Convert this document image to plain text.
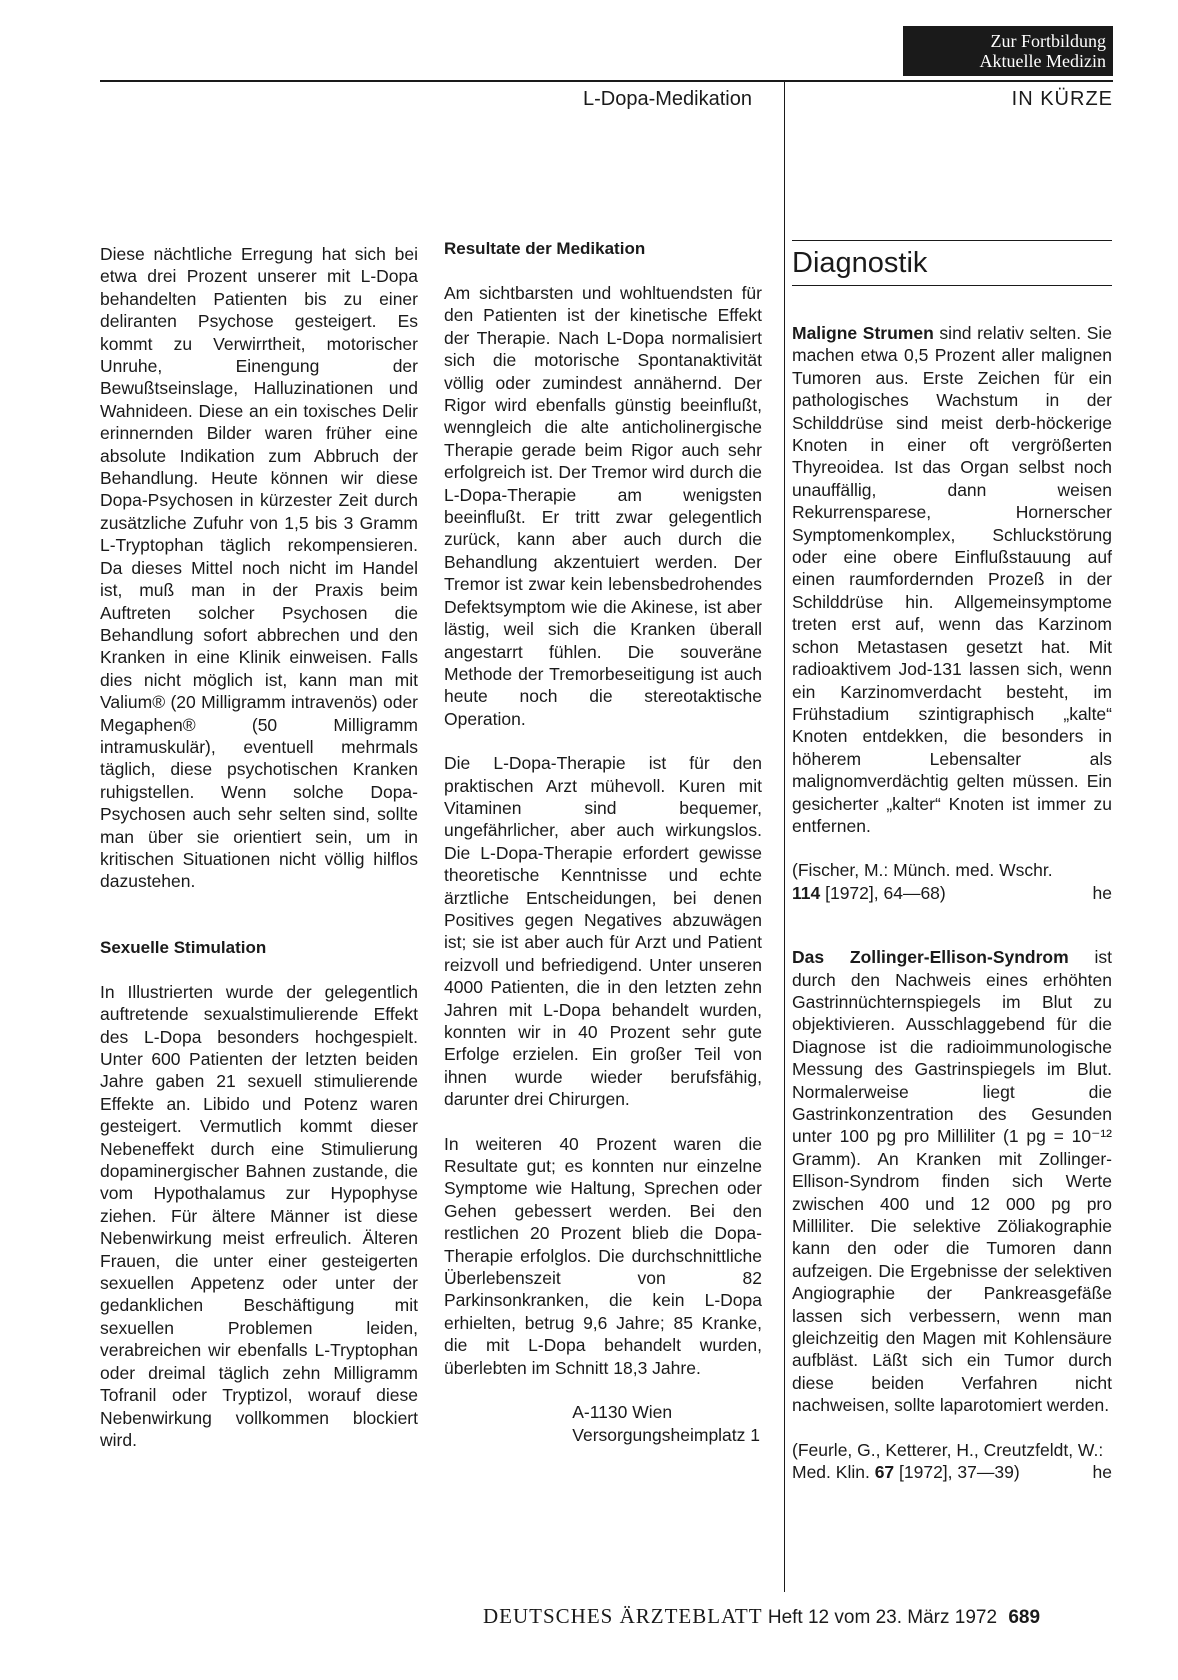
Zur Fortbildung
Aktuelle Medizin
L-Dopa-Medikation	IN KÜRZE

Diese nächtliche Erregung hat sich bei etwa drei Prozent unserer mit L-Dopa behandelten Patienten bis zu einer deliranten Psychose gesteigert. Es kommt zu Verwirrtheit, motorischer Unruhe, Einengung der Bewußtseinslage, Halluzinationen und Wahnideen. Diese an ein toxisches Delir erinnernden Bilder waren früher eine absolute Indikation zum Abbruch der Behandlung. Heute können wir diese Dopa-Psychosen in kürzester Zeit durch zusätzliche Zufuhr von 1,5 bis 3 Gramm L-Tryptophan täglich rekompensieren. Da dieses Mittel noch nicht im Handel ist, muß man in der Praxis beim Auftreten solcher Psychosen die Behandlung sofort abbrechen und den Kranken in eine Klinik einweisen. Falls dies nicht möglich ist, kann man mit Valium® (20 Milligramm intravenös) oder Megaphen® (50 Milligramm intramuskulär), eventuell mehrmals täglich, diese psychotischen Kranken ruhigstellen. Wenn solche Dopa-Psychosen auch sehr selten sind, sollte man über sie orientiert sein, um in kritischen Situationen nicht völlig hilflos dazustehen.

Sexuelle Stimulation

In Illustrierten wurde der gelegentlich auftretende sexualstimulierende Effekt des L-Dopa besonders hochgespielt. Unter 600 Patienten der letzten beiden Jahre gaben 21 sexuell stimulierende Effekte an. Libido und Potenz waren gesteigert. Vermutlich kommt dieser Nebeneffekt durch eine Stimulierung dopaminergischer Bahnen zustande, die vom Hypothalamus zur Hypophyse ziehen. Für ältere Männer ist diese Nebenwirkung meist erfreulich. Älteren Frauen, die unter einer gesteigerten sexuellen Appetenz oder unter der gedanklichen Beschäftigung mit sexuellen Problemen leiden, verabreichen wir ebenfalls L-Tryptophan oder dreimal täglich zehn Milligramm Tofranil oder Tryptizol, worauf diese Nebenwirkung vollkommen blockiert wird.

Resultate der Medikation

Am sichtbarsten und wohltuendsten für den Patienten ist der kinetische Effekt der Therapie. Nach L-Dopa normalisiert sich die motorische Spontanaktivität völlig oder zumindest annähernd. Der Rigor wird ebenfalls günstig beeinflußt, wenngleich die alte anticholinergische Therapie gerade beim Rigor auch sehr erfolgreich ist. Der Tremor wird durch die L-Dopa-Therapie am wenigsten beeinflußt. Er tritt zwar gelegentlich zurück, kann aber auch durch die Behandlung akzentuiert werden. Der Tremor ist zwar kein lebensbedrohendes Defektsymptom wie die Akinese, ist aber lästig, weil sich die Kranken überall angestarrt fühlen. Die souveräne Methode der Tremorbeseitigung ist auch heute noch die stereotaktische Operation.

Die L-Dopa-Therapie ist für den praktischen Arzt mühevoll. Kuren mit Vitaminen sind bequemer, ungefährlicher, aber auch wirkungslos. Die L-Dopa-Therapie erfordert gewisse theoretische Kenntnisse und echte ärztliche Entscheidungen, bei denen Positives gegen Negatives abzuwägen ist; sie ist aber auch für Arzt und Patient reizvoll und befriedigend. Unter unseren 4000 Patienten, die in den letzten zehn Jahren mit L-Dopa behandelt wurden, konnten wir in 40 Prozent sehr gute Erfolge erzielen. Ein großer Teil von ihnen wurde wieder berufsfähig, darunter drei Chirurgen.

In weiteren 40 Prozent waren die Resultate gut; es konnten nur einzelne Symptome wie Haltung, Sprechen oder Gehen gebessert werden. Bei den restlichen 20 Prozent blieb die Dopa-Therapie erfolglos. Die durchschnittliche Überlebenszeit von 82 Parkinsonkranken, die kein L-Dopa erhielten, betrug 9,6 Jahre; 85 Kranke, die mit L-Dopa behandelt wurden, überlebten im Schnitt 18,3 Jahre.

A-1130 Wien
Versorgungsheimplatz 1
Diagnostik

Maligne Strumen sind relativ selten. Sie machen etwa 0,5 Prozent aller malignen Tumoren aus. Erste Zeichen für ein pathologisches Wachstum in der Schilddrüse sind meist derb-höckerige Knoten in einer oft vergrößerten Thyreoidea. Ist das Organ selbst noch unauffällig, dann weisen Rekurrensparese, Hornerscher Symptomenkomplex, Schluckstörung oder eine obere Einflußstauung auf einen raumfordernden Prozeß in der Schilddrüse hin. Allgemeinsymptome treten erst auf, wenn das Karzinom schon Metastasen gesetzt hat. Mit radioaktivem Jod-131 lassen sich, wenn ein Karzinomverdacht besteht, im Frühstadium szintigraphisch „kalte“ Knoten entdekken, die besonders in höherem Lebensalter als malignomverdächtig gelten müssen. Ein gesicherter „kalter“ Knoten ist immer zu entfernen.

(Fischer, M.: Münch. med. Wschr.
114 [1972], 64—68)	he

Das Zollinger-Ellison-Syndrom ist durch den Nachweis eines erhöhten Gastrinnüchternspiegels im Blut zu objektivieren. Ausschlaggebend für die Diagnose ist die radioimmunologische Messung des Gastrinspiegels im Blut. Normalerweise liegt die Gastrinkonzentration des Gesunden unter 100 pg pro Milliliter (1 pg = 10⁻¹² Gramm). An Kranken mit Zollinger-Ellison-Syndrom finden sich Werte zwischen 400 und 12 000 pg pro Milliliter. Die selektive Zöliakographie kann den oder die Tumoren dann aufzeigen. Die Ergebnisse der selektiven Angiographie der Pankreasgefäße lassen sich verbessern, wenn man gleichzeitig den Magen mit Kohlensäure aufbläst. Läßt sich ein Tumor durch diese beiden Verfahren nicht nachweisen, sollte laparotomiert werden.

(Feurle, G., Ketterer, H., Creutzfeldt, W.: Med. Klin. 67 [1972], 37—39)	he

DEUTSCHES ÄRZTEBLATT Heft 12 vom 23. März 1972 689
